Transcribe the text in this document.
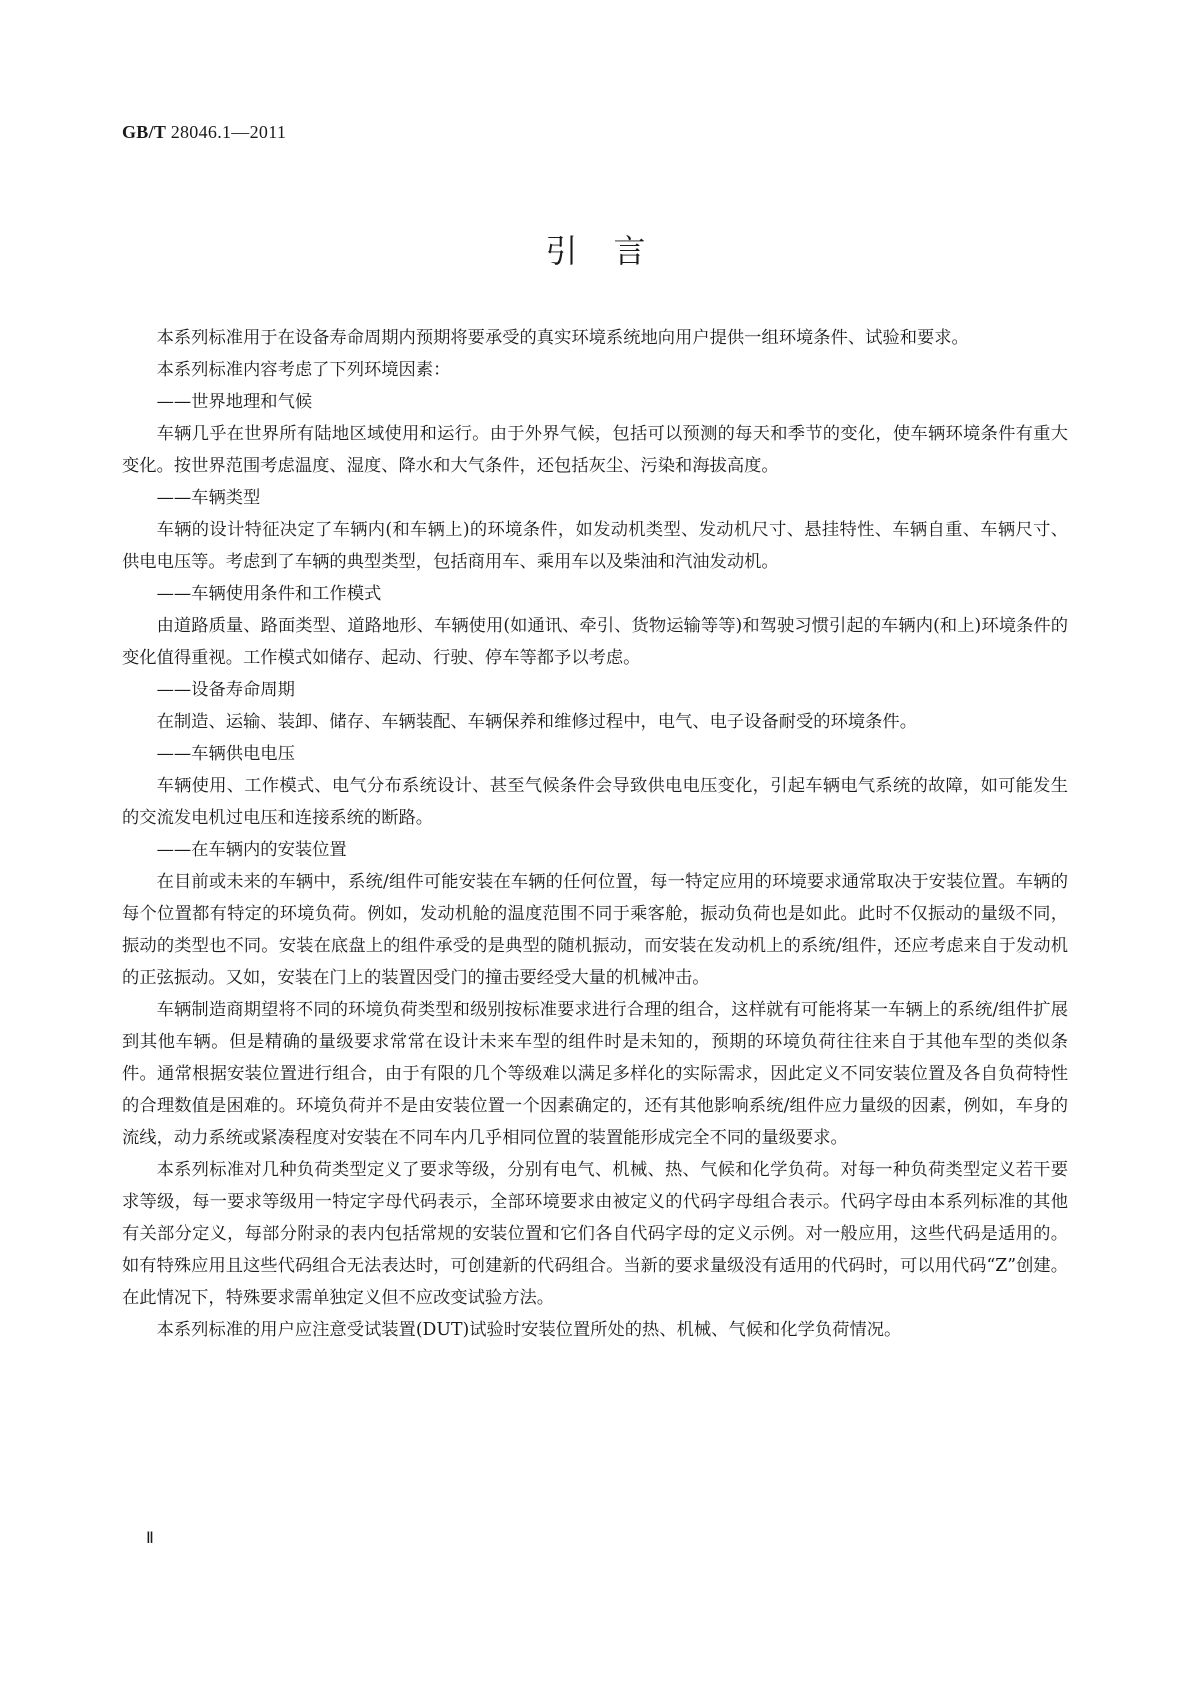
GB/T 28046.1—2011
引言

本系列标准用于在设备寿命周期内预期将要承受的真实环境系统地向用户提供一组环境条件、试验和要求。

本系列标准内容考虑了下列环境因素：

——世界地理和气候

车辆几乎在世界所有陆地区域使用和运行。由于外界气候，包括可以预测的每天和季节的变化，使车辆环境条件有重大变化。按世界范围考虑温度、湿度、降水和大气条件，还包括灰尘、污染和海拔高度。

——车辆类型

车辆的设计特征决定了车辆内(和车辆上)的环境条件，如发动机类型、发动机尺寸、悬挂特性、车辆自重、车辆尺寸、供电电压等。考虑到了车辆的典型类型，包括商用车、乘用车以及柴油和汽油发动机。

——车辆使用条件和工作模式

由道路质量、路面类型、道路地形、车辆使用(如通讯、牵引、货物运输等等)和驾驶习惯引起的车辆内(和上)环境条件的变化值得重视。工作模式如储存、起动、行驶、停车等都予以考虑。

——设备寿命周期

在制造、运输、装卸、储存、车辆装配、车辆保养和维修过程中，电气、电子设备耐受的环境条件。

——车辆供电电压

车辆使用、工作模式、电气分布系统设计、甚至气候条件会导致供电电压变化，引起车辆电气系统的故障，如可能发生的交流发电机过电压和连接系统的断路。

——在车辆内的安装位置

在目前或未来的车辆中，系统/组件可能安装在车辆的任何位置，每一特定应用的环境要求通常取决于安装位置。车辆的每个位置都有特定的环境负荷。例如，发动机舱的温度范围不同于乘客舱，振动负荷也是如此。此时不仅振动的量级不同，振动的类型也不同。安装在底盘上的组件承受的是典型的随机振动，而安装在发动机上的系统/组件，还应考虑来自于发动机的正弦振动。又如，安装在门上的装置因受门的撞击要经受大量的机械冲击。

车辆制造商期望将不同的环境负荷类型和级别按标准要求进行合理的组合，这样就有可能将某一车辆上的系统/组件扩展到其他车辆。但是精确的量级要求常常在设计未来车型的组件时是未知的，预期的环境负荷往往来自于其他车型的类似条件。通常根据安装位置进行组合，由于有限的几个等级难以满足多样化的实际需求，因此定义不同安装位置及各自负荷特性的合理数值是困难的。环境负荷并不是由安装位置一个因素确定的，还有其他影响系统/组件应力量级的因素，例如，车身的流线，动力系统或紧凑程度对安装在不同车内几乎相同位置的装置能形成完全不同的量级要求。

本系列标准对几种负荷类型定义了要求等级，分别有电气、机械、热、气候和化学负荷。对每一种负荷类型定义若干要求等级，每一要求等级用一特定字母代码表示，全部环境要求由被定义的代码字母组合表示。代码字母由本系列标准的其他有关部分定义，每部分附录的表内包括常规的安装位置和它们各自代码字母的定义示例。对一般应用，这些代码是适用的。如有特殊应用且这些代码组合无法表达时，可创建新的代码组合。当新的要求量级没有适用的代码时，可以用代码“Z”创建。在此情况下，特殊要求需单独定义但不应改变试验方法。

本系列标准的用户应注意受试装置(DUT)试验时安装位置所处的热、机械、气候和化学负荷情况。

Ⅱ
